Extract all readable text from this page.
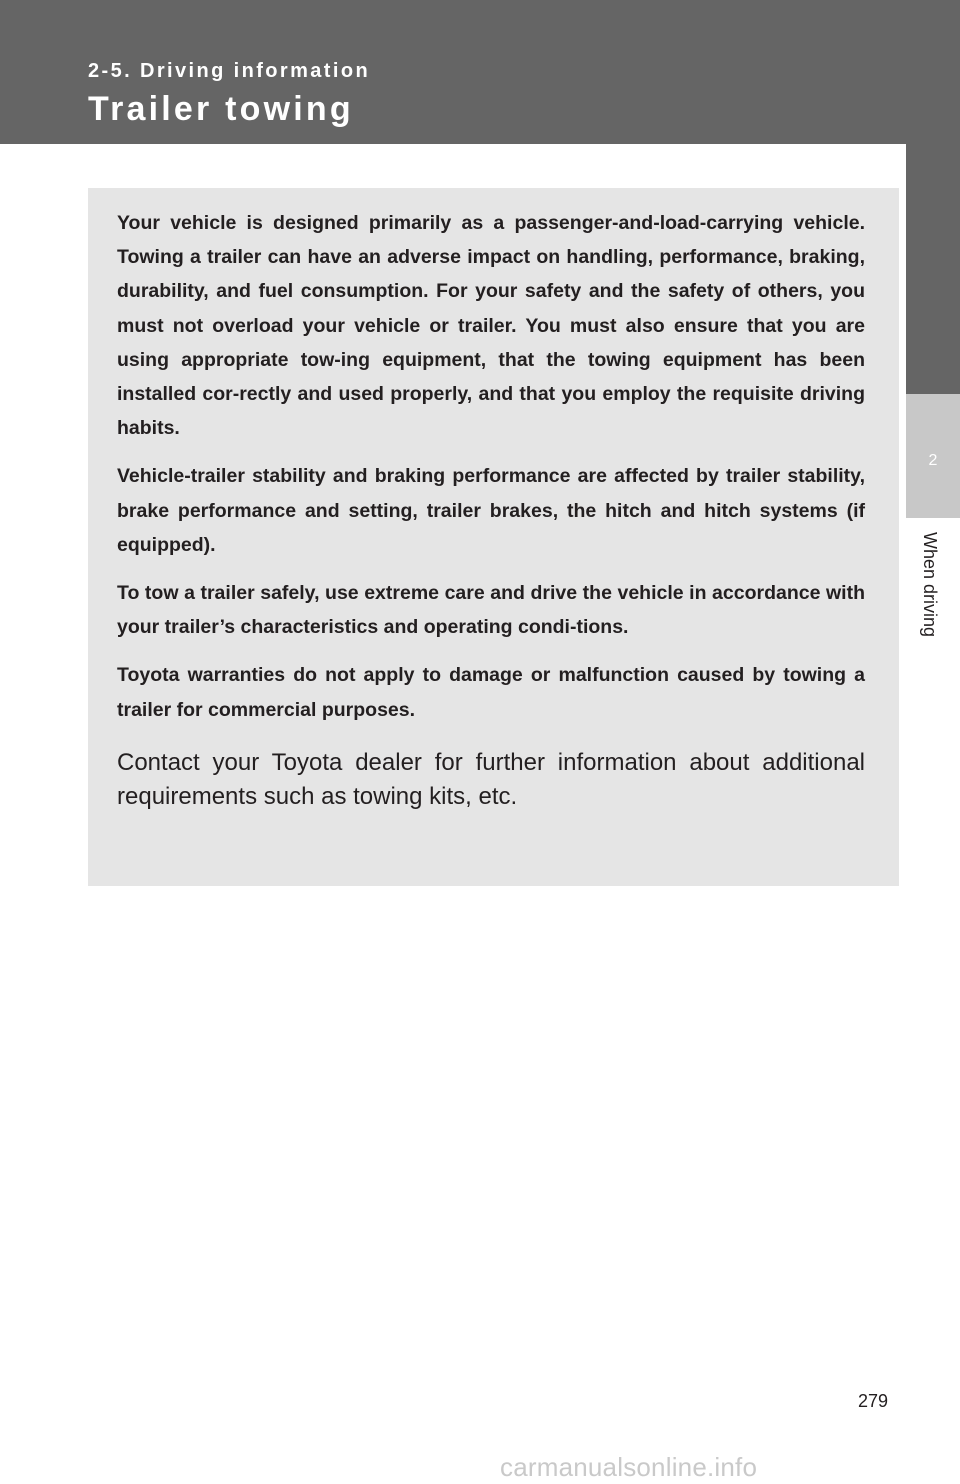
2-5. Driving information
Trailer towing
2
When driving

Your vehicle is designed primarily as a passenger-and-load-carrying vehicle. Towing a trailer can have an adverse impact on handling, performance, braking, durability, and fuel consumption. For your safety and the safety of others, you must not overload your vehicle or trailer. You must also ensure that you are using appropriate tow-ing equipment, that the towing equipment has been installed cor-rectly and used properly, and that you employ the requisite driving habits.

Vehicle-trailer stability and braking performance are affected by trailer stability, brake performance and setting, trailer brakes, the hitch and hitch systems (if equipped).

To tow a trailer safely, use extreme care and drive the vehicle in accordance with your trailer’s characteristics and operating condi-tions.

Toyota warranties do not apply to damage or malfunction caused by towing a trailer for commercial purposes.

Contact your Toyota dealer for further information about additional requirements such as towing kits, etc.

279
carmanualsonline.info
